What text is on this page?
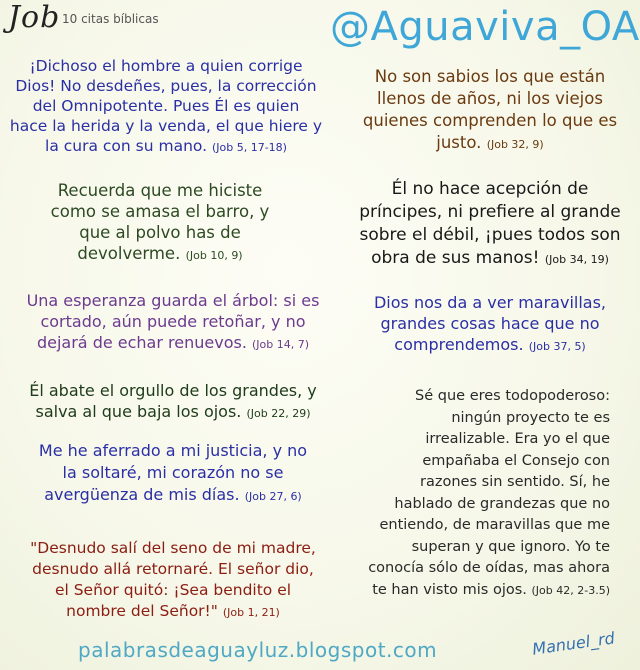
Job 10 citas bíblicas	@Aguaviva_OA
¡Dichoso el hombre a quien corrige
Dios! No desdeñes, pues, la corrección
del Omnipotente. Pues Él es quien
hace la herida y la venda, el que hiere y
la cura con su mano. (Job 5, 17-18)
Recuerda que me hiciste
como se amasa el barro, y
que al polvo has de
devolverme. (Job 10, 9)
Una esperanza guarda el árbol: si es
cortado, aún puede retoñar, y no
dejará de echar renuevos. (Job 14, 7)
Él abate el orgullo de los grandes, y
salva al que baja los ojos. (Job 22, 29)
Me he aferrado a mi justicia, y no
la soltaré, mi corazón no se
avergüenza de mis días. (Job 27, 6)
"Desnudo salí del seno de mi madre,
desnudo allá retornaré. El señor dio,
el Señor quitó: ¡Sea bendito el
nombre del Señor!" (Job 1, 21)
No son sabios los que están
llenos de años, ni los viejos
quienes comprenden lo que es
justo. (Job 32, 9)
Él no hace acepción de
príncipes, ni prefiere al grande
sobre el débil, ¡pues todos son
obra de sus manos! (Job 34, 19)
Dios nos da a ver maravillas,
grandes cosas hace que no
comprendemos. (Job 37, 5)
Sé que eres todopoderoso:
ningún proyecto te es
irrealizable. Era yo el que
empañaba el Consejo con
razones sin sentido. Sí, he
hablado de grandezas que no
entiendo, de maravillas que me
superan y que ignoro. Yo te
conocía sólo de oídas, mas ahora
te han visto mis ojos. (Job 42, 2-3.5)
palabrasdeaguayluz.blogspot.com	Manuel_rd
